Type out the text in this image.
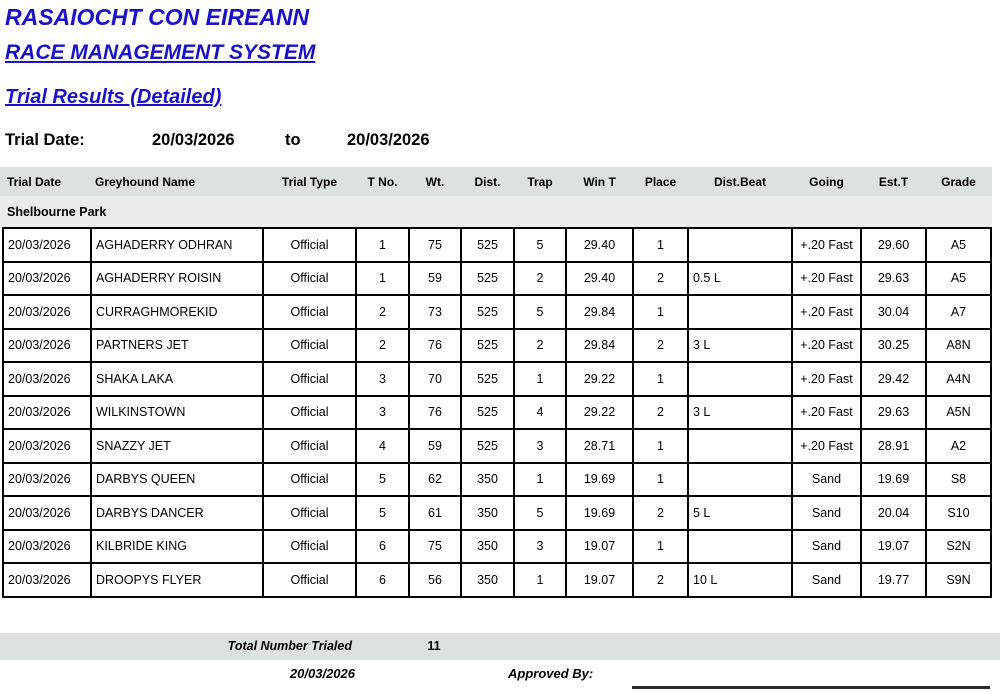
RASAIOCHT CON EIREANN
RACE MANAGEMENT SYSTEM
Trial Results (Detailed)
Trial Date:	20/03/2026	to	20/03/2026
Trial Date	Greyhound Name	Trial Type	T No.	Wt.	Dist.	Trap	Win T	Place	Dist.Beat	Going	Est.T	Grade
Shelbourne Park												
20/03/2026	AGHADERRY ODHRAN	Official	1	75	525	5	29.40	1		+.20 Fast	29.60	A5
20/03/2026	AGHADERRY ROISIN	Official	1	59	525	2	29.40	2	0.5 L	+.20 Fast	29.63	A5
20/03/2026	CURRAGHMOREKID	Official	2	73	525	5	29.84	1		+.20 Fast	30.04	A7
20/03/2026	PARTNERS JET	Official	2	76	525	2	29.84	2	3 L	+.20 Fast	30.25	A8N
20/03/2026	SHAKA LAKA	Official	3	70	525	1	29.22	1		+.20 Fast	29.42	A4N
20/03/2026	WILKINSTOWN	Official	3	76	525	4	29.22	2	3 L	+.20 Fast	29.63	A5N
20/03/2026	SNAZZY JET	Official	4	59	525	3	28.71	1		+.20 Fast	28.91	A2
20/03/2026	DARBYS QUEEN	Official	5	62	350	1	19.69	1		Sand	19.69	S8
20/03/2026	DARBYS DANCER	Official	5	61	350	5	19.69	2	5 L	Sand	20.04	S10
20/03/2026	KILBRIDE KING	Official	6	75	350	3	19.07	1		Sand	19.07	S2N
20/03/2026	DROOPYS FLYER	Official	6	56	350	1	19.07	2	10 L	Sand	19.77	S9N
Total Number Trialed	11
20/03/2026	Approved By:
